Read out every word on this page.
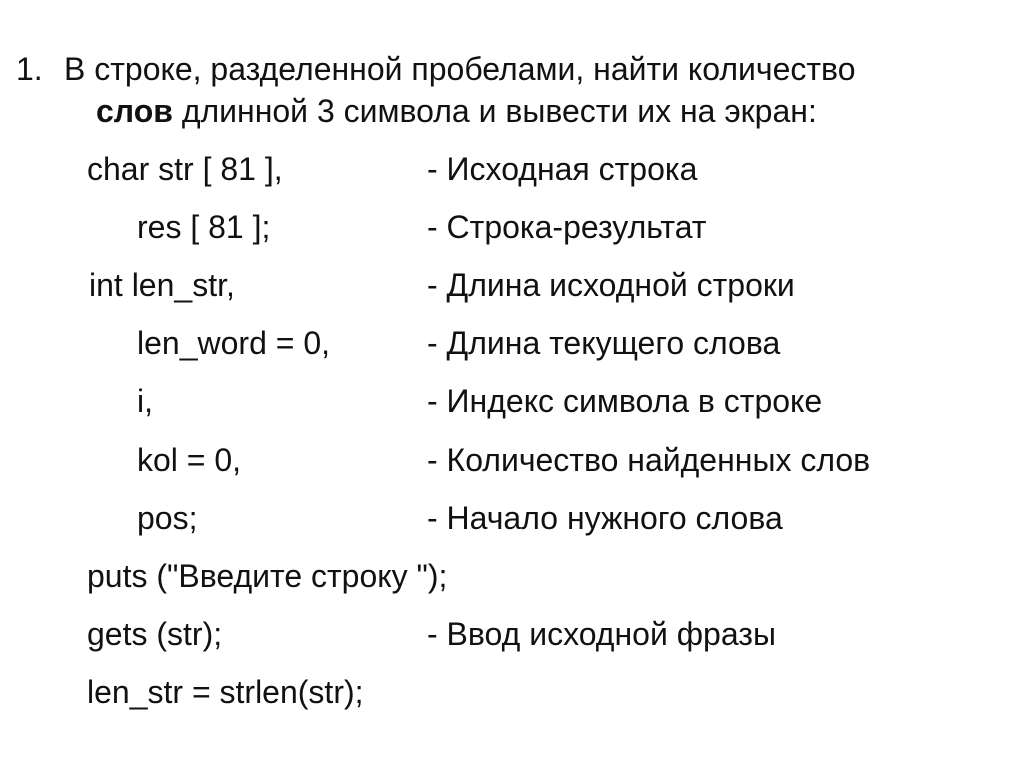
1. В строке, разделенной пробелами, найти количество
слов длинной 3 символа и вывести их на экран:
char str [ 81 ],	- Исходная строка
res [ 81 ];	- Строка-результат
int len_str,	- Длина исходной строки
len_word = 0,	- Длина текущего слова
i,	- Индекс символа в строке
kol = 0,	- Количество найденных слов
pos;	- Начало нужного слова
puts ("Введите строку ");
gets (str);	- Ввод исходной фразы
len_str = strlen(str);
